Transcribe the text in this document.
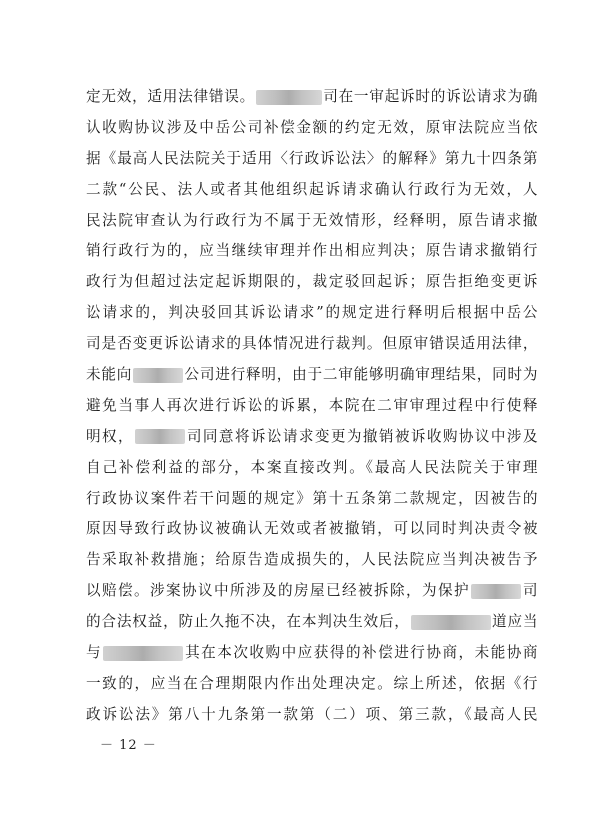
定无效，适用法律错误。	司在一审起诉时的诉讼请求为确
认收购协议涉及中岳公司补偿金额的约定无效，原审法院应当依
据《最高人民法院关于适用〈行政诉讼法〉的解释》第九十四条第
二款“公民、法人或者其他组织起诉请求确认行政行为无效，人
民法院审查认为行政行为不属于无效情形，经释明，原告请求撤
销行政行为的，应当继续审理并作出相应判决；原告请求撤销行
政行为但超过法定起诉期限的，裁定驳回起诉；原告拒绝变更诉
讼请求的，判决驳回其诉讼请求”的规定进行释明后根据中岳公
司是否变更诉讼请求的具体情况进行裁判。但原审错误适用法律，
未能向	公司进行释明，由于二审能够明确审理结果，同时为
避免当事人再次进行诉讼的诉累，本院在二审审理过程中行使释
明权，	司同意将诉讼请求变更为撤销被诉收购协议中涉及
自己补偿利益的部分，本案直接改判。《最高人民法院关于审理
行政协议案件若干问题的规定》第十五条第二款规定，因被告的
原因导致行政协议被确认无效或者被撤销，可以同时判决责令被
告采取补救措施；给原告造成损失的，人民法院应当判决被告予
以赔偿。涉案协议中所涉及的房屋已经被拆除，为保护	司
的合法权益，防止久拖不决，在本判决生效后，	道应当
与	其在本次收购中应获得的补偿进行协商，未能协商
一致的，应当在合理期限内作出处理决定。综上所述，依据《行
政诉讼法》第八十九条第一款第（二）项、第三款，《最高人民
－ 12 －
